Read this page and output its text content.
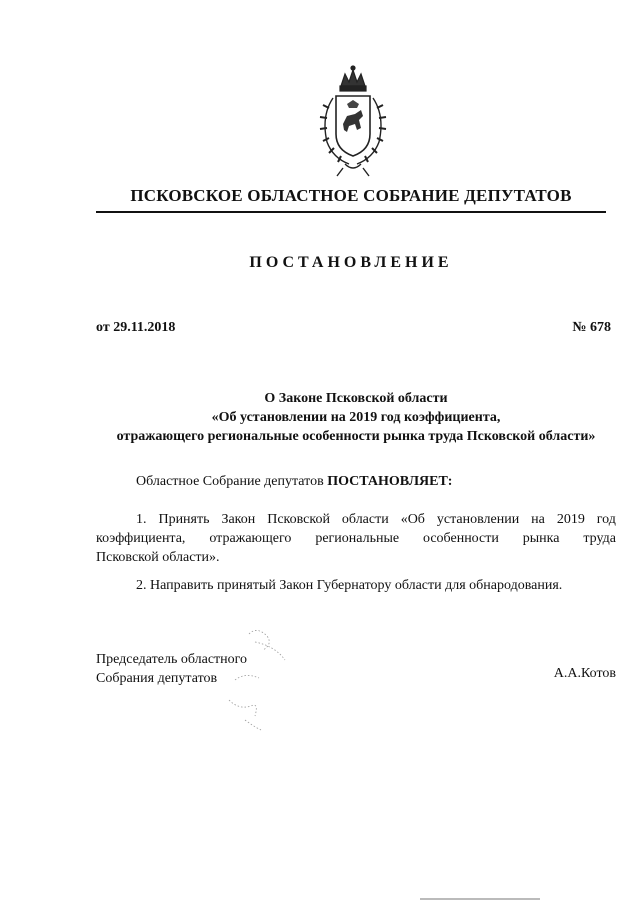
ПСКОВСКОЕ ОБЛАСТНОЕ СОБРАНИЕ ДЕПУТАТОВ
ПОСТАНОВЛЕНИЕ
от 29.11.2018	№ 678
О Законе Псковской области
«Об установлении на 2019 год коэффициента,
отражающего региональные особенности рынка труда Псковской области»
Областное Собрание депутатов ПОСТАНОВЛЯЕТ:
1. Принять Закон Псковской области «Об установлении на 2019 год
коэффициента, отражающего региональные особенности рынка труда
Псковской области».
2. Направить принятый Закон Губернатору области для обнародования.
Председатель областного
Собрания депутатов	А.А.Котов
